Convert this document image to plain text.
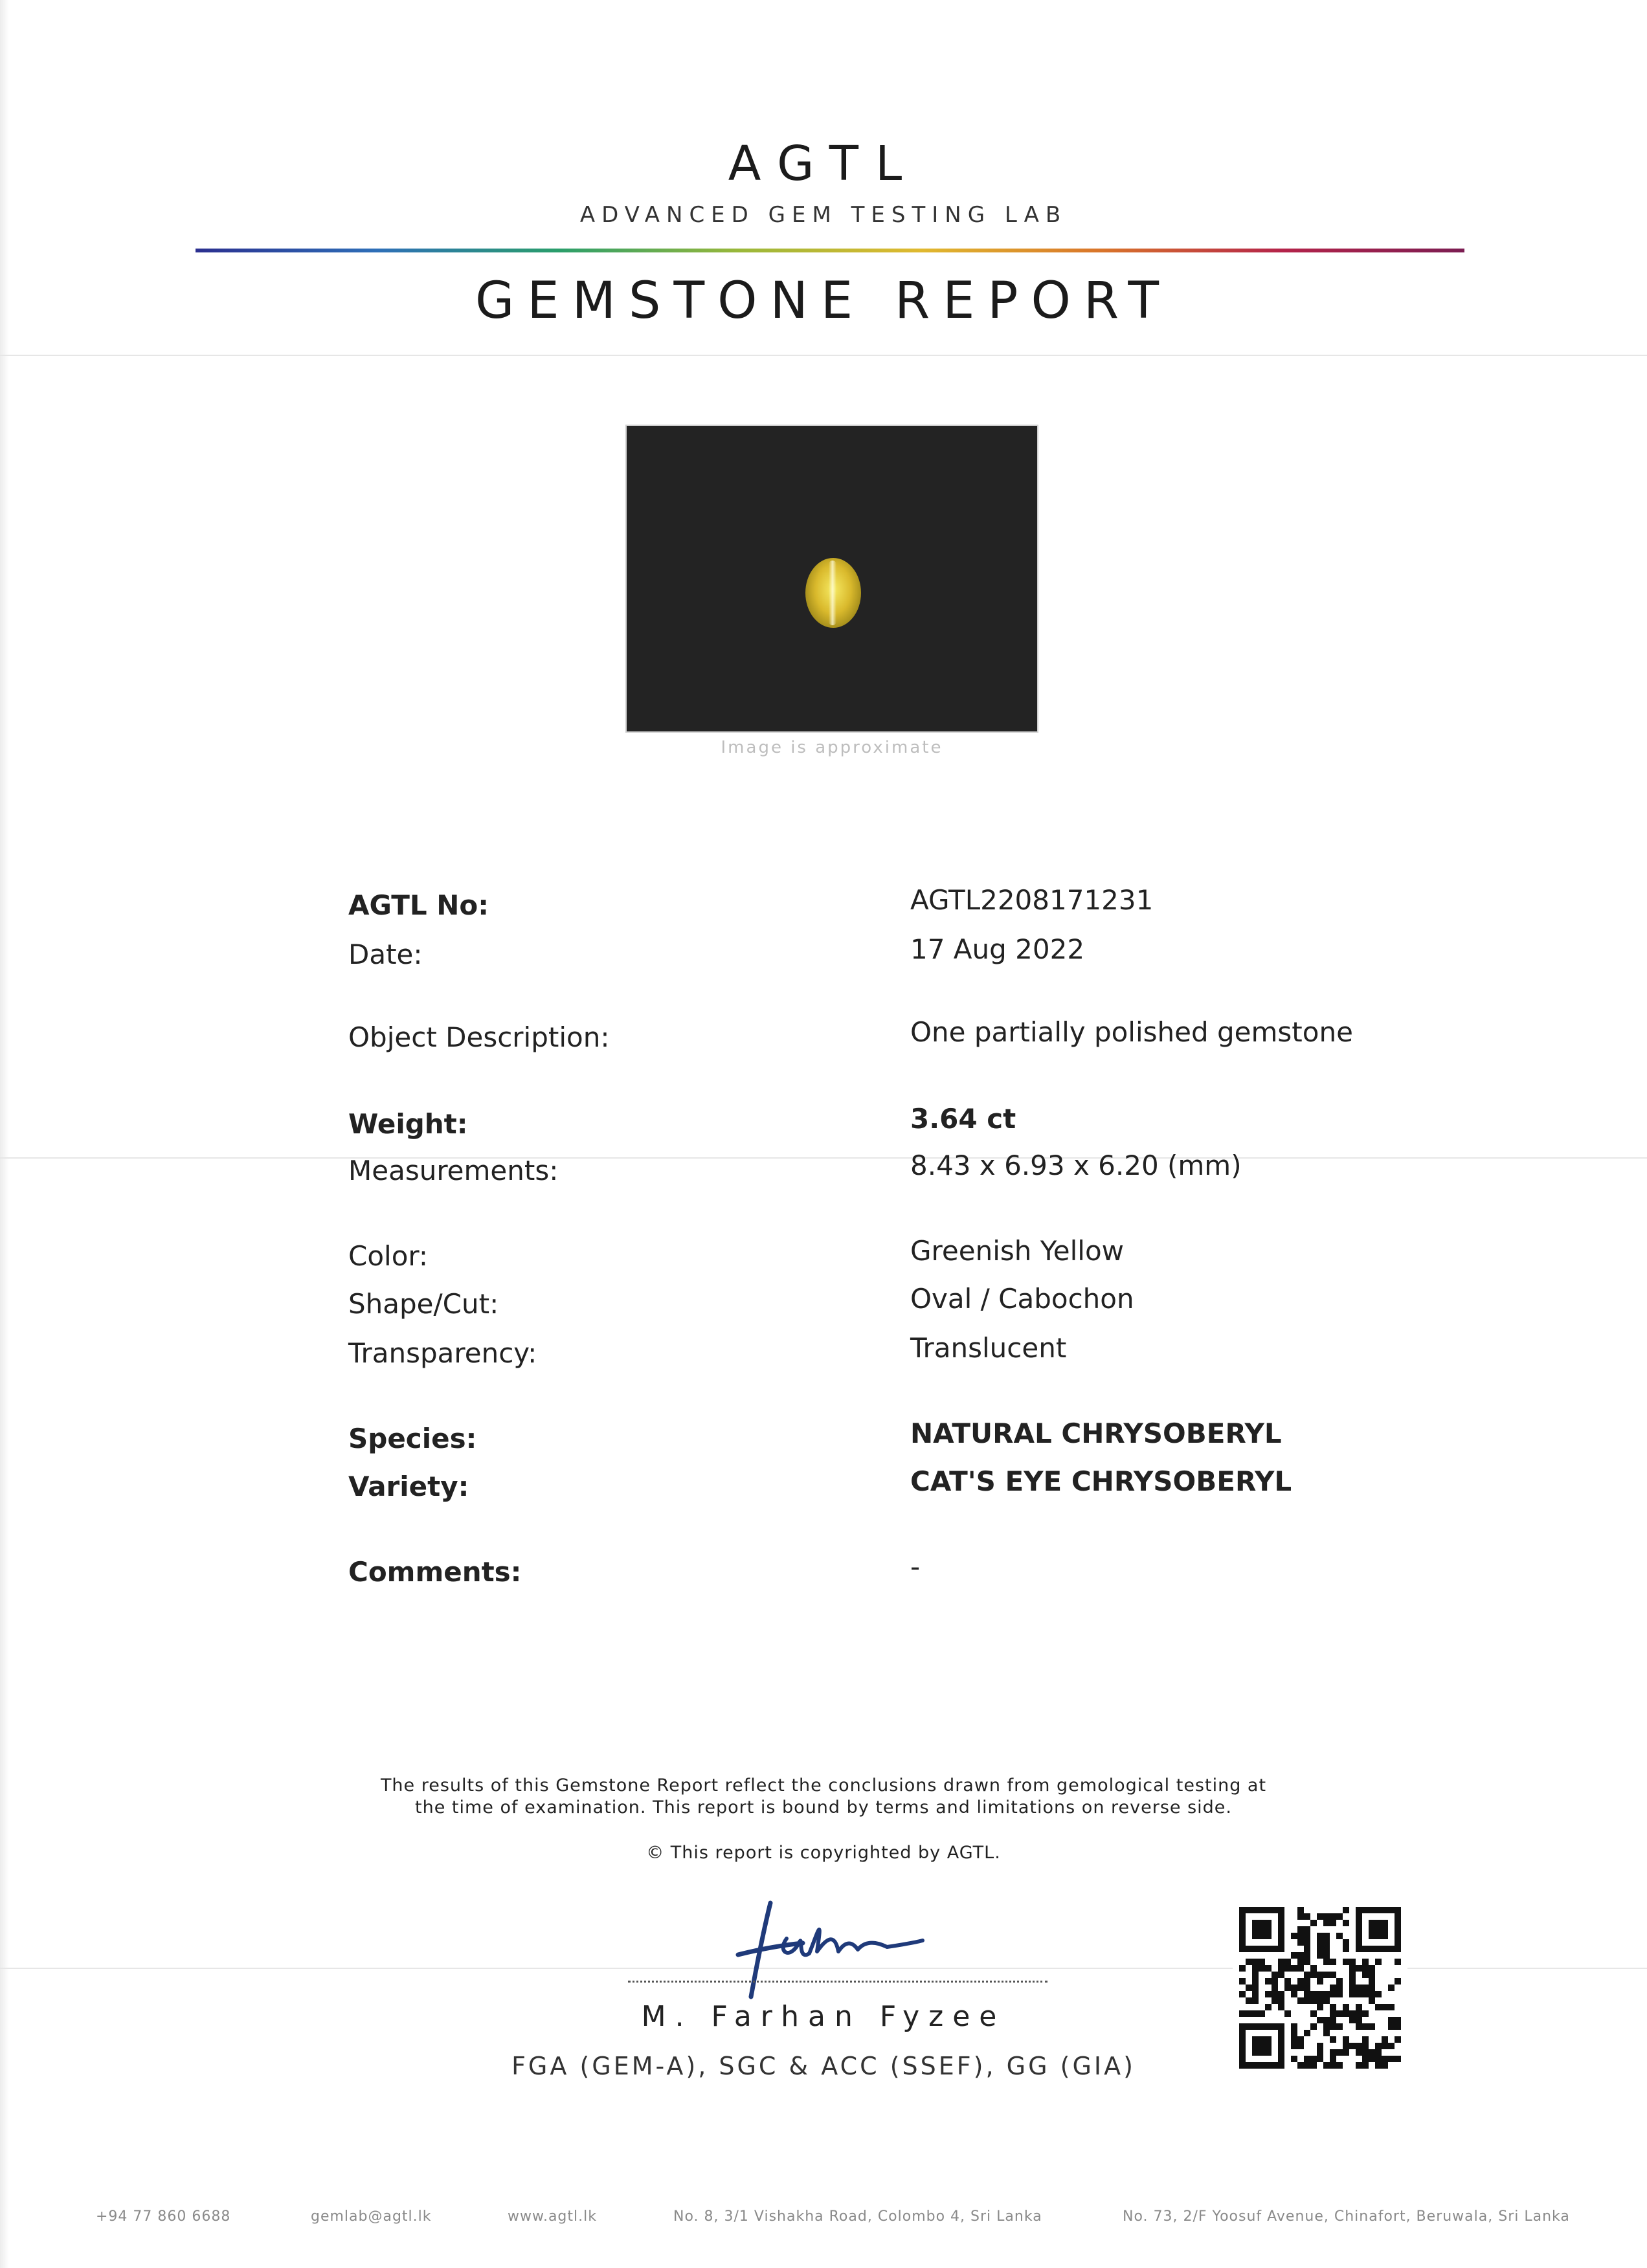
AGTL
ADVANCED GEM TESTING LAB
GEMSTONE REPORT
Image is approximate
AGTL No:	AGTL2208171231
Date:	17 Aug 2022
Object Description:	One partially polished gemstone
Weight:	3.64 ct
Measurements:	8.43 x 6.93 x 6.20 (mm)
Color:	Greenish Yellow
Shape/Cut:	Oval / Cabochon
Transparency:	Translucent
Species:	NATURAL CHRYSOBERYL
Variety:	CAT'S EYE CHRYSOBERYL
Comments:	-
The results of this Gemstone Report reflect the conclusions drawn from gemological testing at
the time of examination. This report is bound by terms and limitations on reverse side.
© This report is copyrighted by AGTL.
M. Farhan Fyzee
FGA (GEM-A), SGC & ACC (SSEF), GG (GIA)
+94 77 860 6688	gemlab@agtl.lk	www.agtl.lk	No. 8, 3/1 Vishakha Road, Colombo 4, Sri Lanka	No. 73, 2/F Yoosuf Avenue, Chinafort, Beruwala, Sri Lanka
